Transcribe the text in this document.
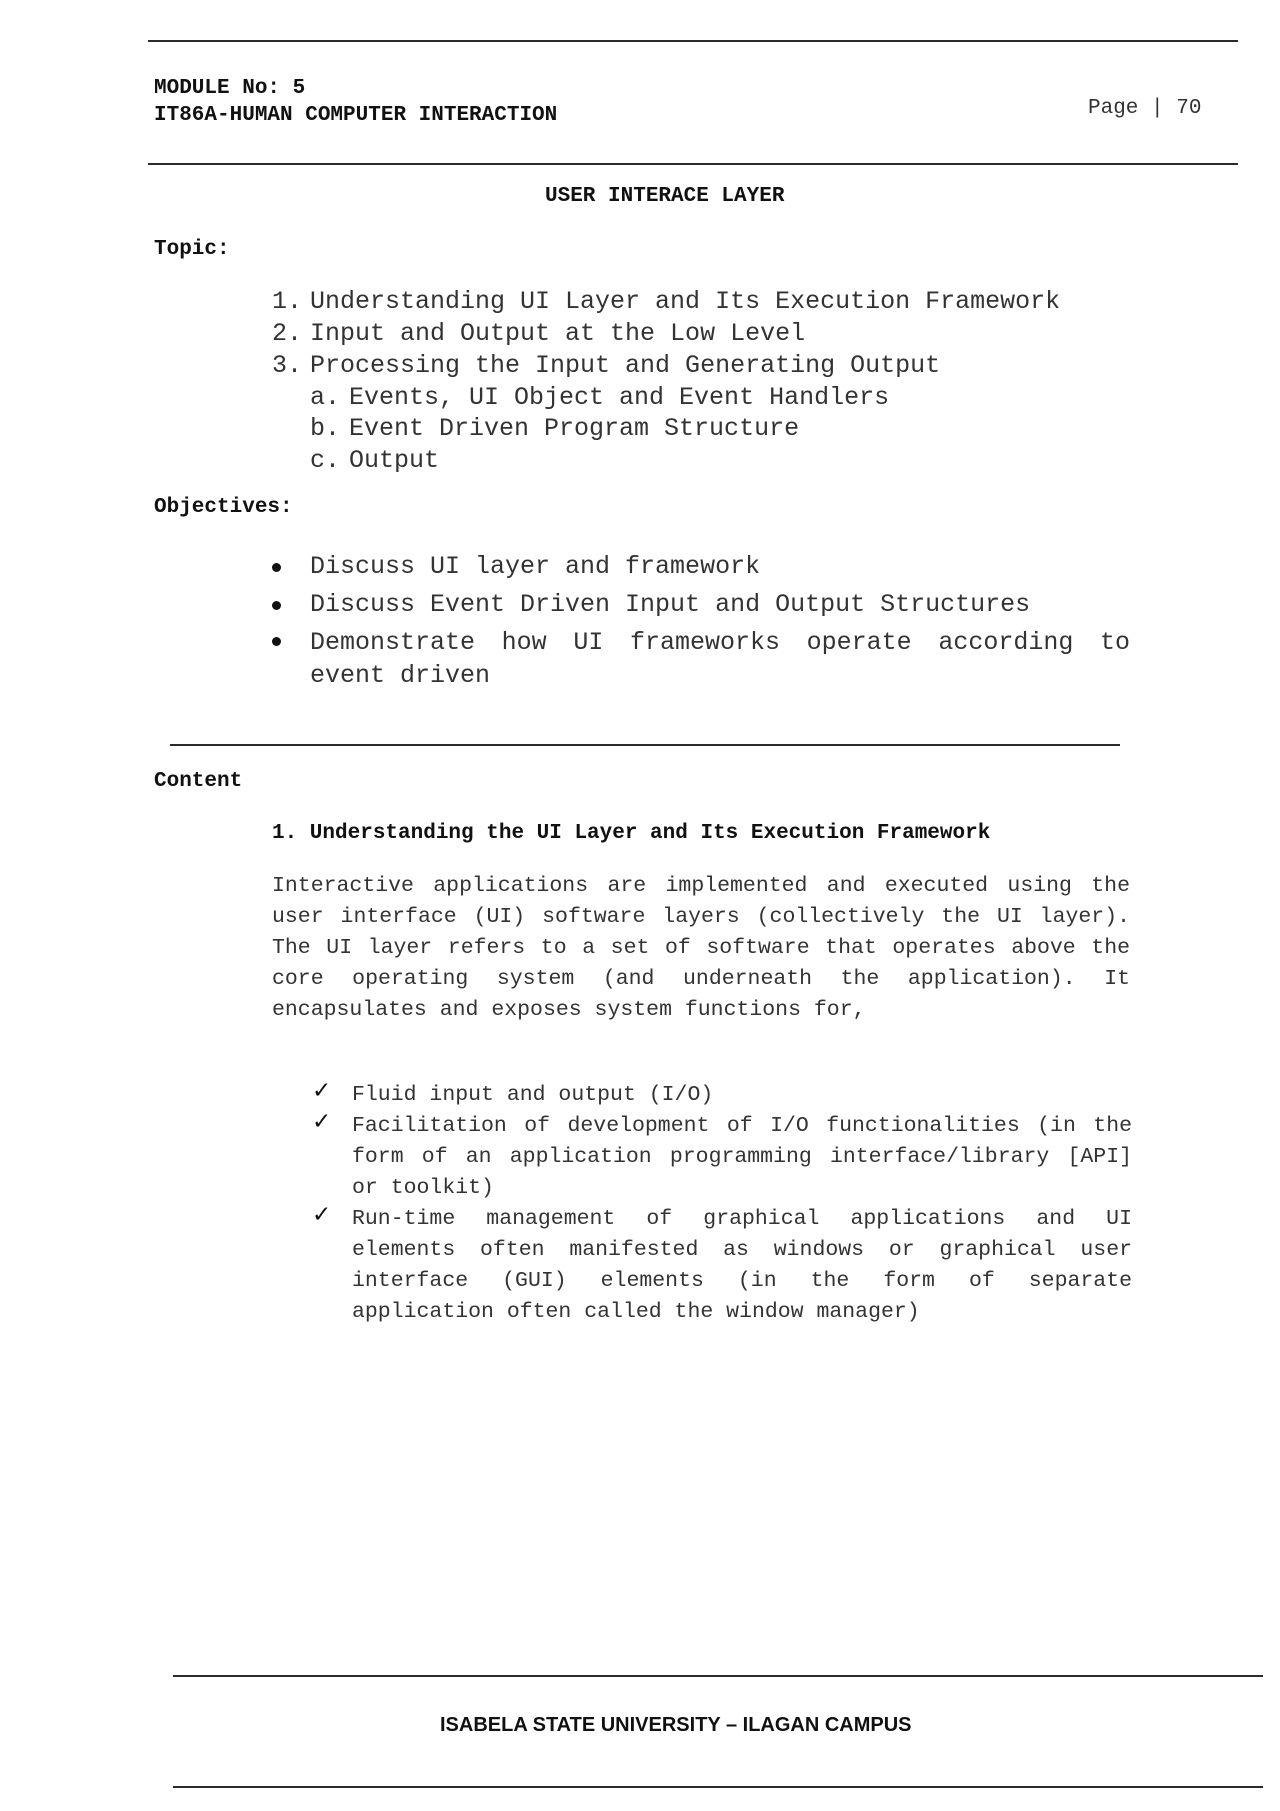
MODULE No: 5
IT86A-HUMAN COMPUTER INTERACTION	Page | 70
USER INTERACE LAYER
Topic:
1. Understanding UI Layer and Its Execution Framework
2. Input and Output at the Low Level
3. Processing the Input and Generating Output
a. Events, UI Object and Event Handlers
b. Event Driven Program Structure
c. Output
Objectives:
Discuss UI layer and framework
Discuss Event Driven Input and Output Structures
Demonstrate how UI frameworks operate according to event driven
Content
1. Understanding the UI Layer and Its Execution Framework
Interactive applications are implemented and executed using the user interface (UI) software layers (collectively the UI layer). The UI layer refers to a set of software that operates above the core operating system (and underneath the application). It encapsulates and exposes system functions for,
✓ Fluid input and output (I/O)
✓ Facilitation of development of I/O functionalities (in the form of an application programming interface/library [API] or toolkit)
✓ Run-time management of graphical applications and UI elements often manifested as windows or graphical user interface (GUI) elements (in the form of separate application often called the window manager)
ISABELA STATE UNIVERSITY – ILAGAN CAMPUS
